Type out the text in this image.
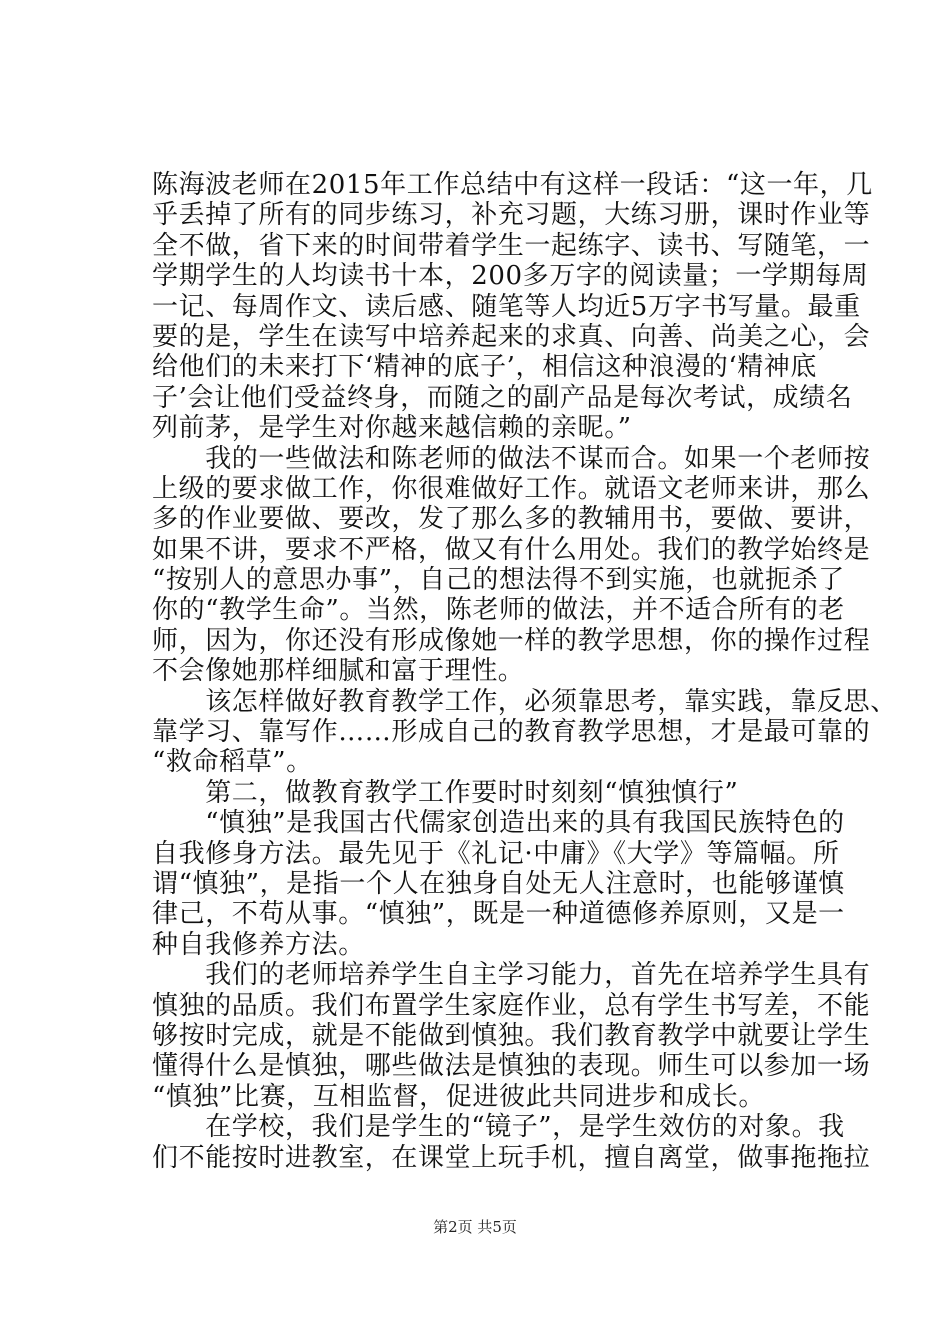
陈海波老师在2015年工作总结中有这样一段话：“这一年，几
乎丢掉了所有的同步练习，补充习题，大练习册，课时作业等
全不做，省下来的时间带着学生一起练字、读书、写随笔，一
学期学生的人均读书十本，200多万字的阅读量；一学期每周
一记、每周作文、读后感、随笔等人均近5万字书写量。最重
要的是，学生在读写中培养起来的求真、向善、尚美之心，会
给他们的未来打下‘精神的底子’，相信这种浪漫的‘精神底
子’会让他们受益终身，而随之的副产品是每次考试，成绩名
列前茅，是学生对你越来越信赖的亲昵。”
　　我的一些做法和陈老师的做法不谋而合。如果一个老师按
上级的要求做工作，你很难做好工作。就语文老师来讲，那么
多的作业要做、要改，发了那么多的教辅用书，要做、要讲，
如果不讲，要求不严格，做又有什么用处。我们的教学始终是
“按别人的意思办事”，自己的想法得不到实施，也就扼杀了
你的“教学生命”。当然，陈老师的做法，并不适合所有的老
师，因为，你还没有形成像她一样的教学思想，你的操作过程
不会像她那样细腻和富于理性。
　　该怎样做好教育教学工作，必须靠思考，靠实践，靠反思、
靠学习、靠写作……形成自己的教育教学思想，才是最可靠的
“救命稻草”。
　　第二，做教育教学工作要时时刻刻“慎独慎行”
　　“慎独”是我国古代儒家创造出来的具有我国民族特色的
自我修身方法。最先见于《礼记·中庸》《大学》等篇幅。所
谓“慎独”，是指一个人在独身自处无人注意时，也能够谨慎
律己，不苟从事。“慎独”，既是一种道德修养原则，又是一
种自我修养方法。
　　我们的老师培养学生自主学习能力，首先在培养学生具有
慎独的品质。我们布置学生家庭作业，总有学生书写差，不能
够按时完成，就是不能做到慎独。我们教育教学中就要让学生
懂得什么是慎独，哪些做法是慎独的表现。师生可以参加一场
“慎独”比赛，互相监督，促进彼此共同进步和成长。
　　在学校，我们是学生的“镜子”，是学生效仿的对象。我
们不能按时进教室，在课堂上玩手机，擅自离堂，做事拖拖拉
第2页 共5页
